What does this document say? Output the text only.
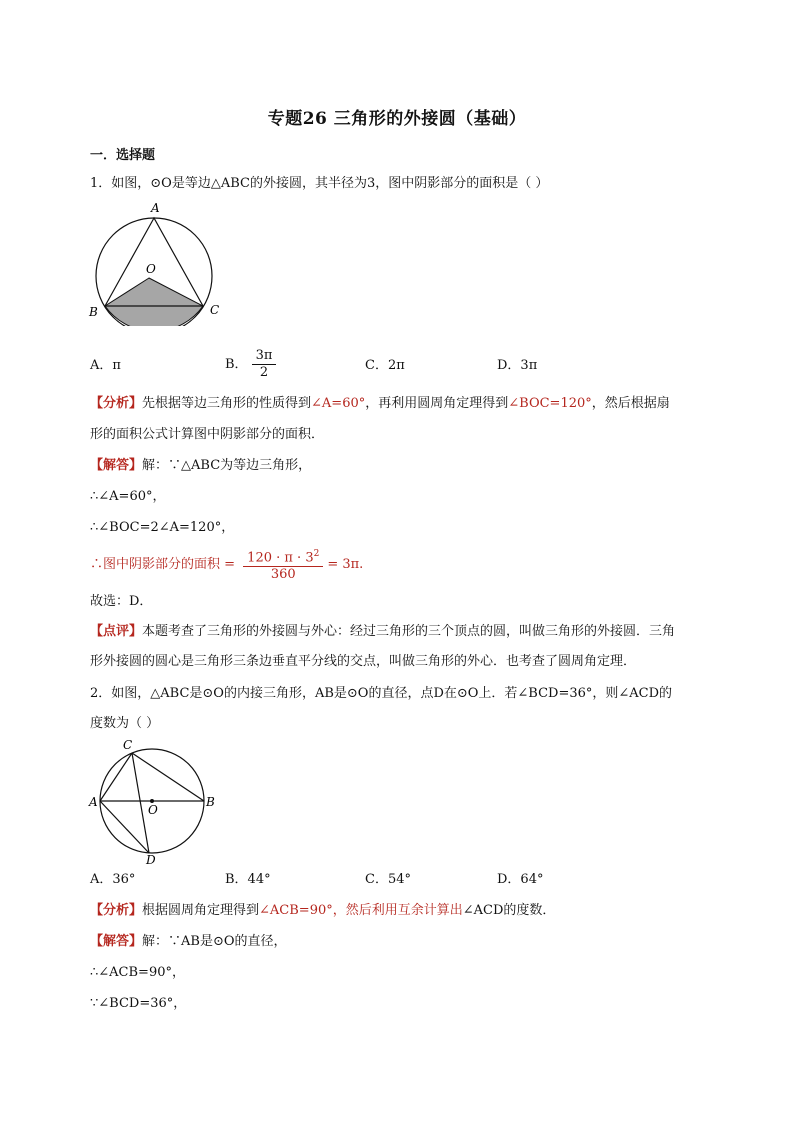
专题26 三角形的外接圆（基础）
一．选择题
1．如图，⊙O是等边△ABC的外接圆，其半径为3，图中阴影部分的面积是（ ）
A
O
B	C
A．π	B． $\frac{3\pi}{2}$	C．2π	D．3π
【分析】先根据等边三角形的性质得到∠A=60°，再利用圆周角定理得到∠BOC=120°，然后根据扇
形的面积公式计算图中阴影部分的面积．
【解答】解：∵△ABC为等边三角形，
∴∠A=60°，
∴∠BOC=2∠A=120°，
∴图中阴影部分的面积 = $\frac{120 \cdot \pi \cdot 3^2}{360} = 3\pi$.
故选：D．
【点评】本题考查了三角形的外接圆与外心：经过三角形的三个顶点的圆，叫做三角形的外接圆．三角
形外接圆的圆心是三角形三条边垂直平分线的交点，叫做三角形的外心．也考查了圆周角定理．
2．如图，△ABC是⊙O的内接三角形，AB是⊙O的直径，点D在⊙O上．若∠BCD=36°，则∠ACD的
度数为（ ）
C
A
O
B
D
A．36°	B．44°	C．54°	D．64°
【分析】根据圆周角定理得到∠ACB=90°，然后利用互余计算出∠ACD的度数．
【解答】解：∵AB是⊙O的直径，
∴∠ACB=90°，
∵∠BCD=36°，
